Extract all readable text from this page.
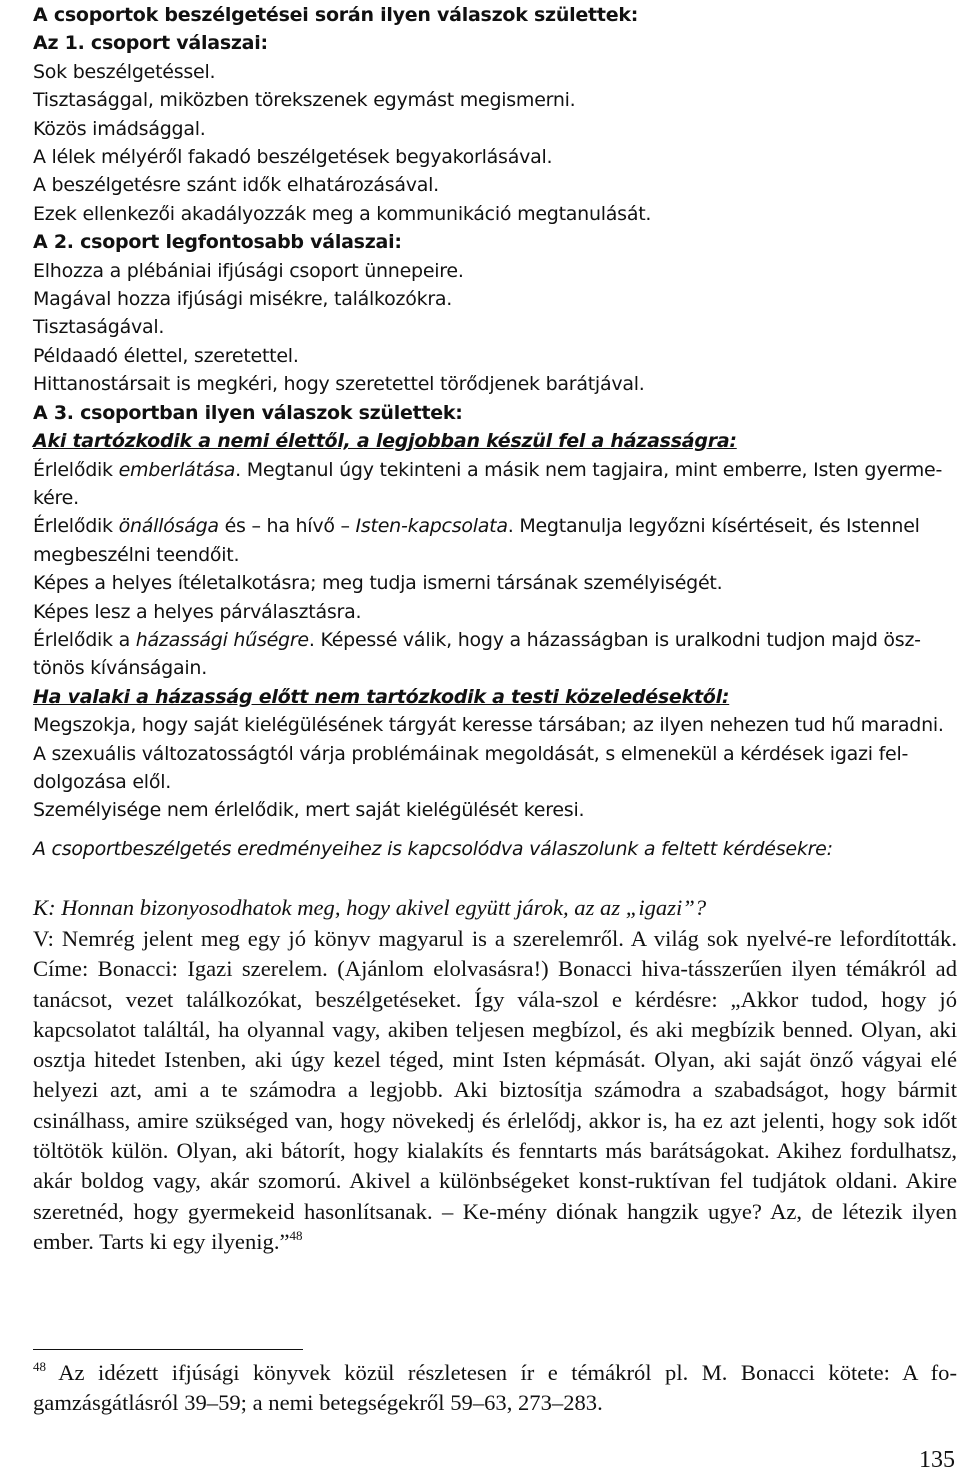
A csoportok beszélgetései során ilyen válaszok születtek:

Az 1. csoport válaszai:

Sok beszélgetéssel.

Tisztasággal, miközben törekszenek egymást megismerni.

Közös imádsággal.

A lélek mélyéről fakadó beszélgetések begyakorlásával.

A beszélgetésre szánt idők elhatározásával.

Ezek ellenkezői akadályozzák meg a kommunikáció megtanulását.

A 2. csoport legfontosabb válaszai:

Elhozza a plébániai ifjúsági csoport ünnepeire.

Magával hozza ifjúsági misékre, találkozókra.

Tisztaságával.

Példaadó élettel, szeretettel.

Hittanostársait is megkéri, hogy szeretettel törődjenek barátjával.

A 3. csoportban ilyen válaszok születtek:

Aki tartózkodik a nemi élettől, a legjobban készül fel a házasságra:

Érlelődik emberlátása. Megtanul úgy tekinteni a másik nem tagjaira, mint emberre, Isten gyerme-
kére.

Érlelődik önállósága és – ha hívő – Isten-kapcsolata. Megtanulja legyőzni kísértéseit, és Istennel
megbeszélni teendőit.

Képes a helyes ítéletalkotásra; meg tudja ismerni társának személyiségét.

Képes lesz a helyes párválasztásra.

Érlelődik a házassági hűségre. Képessé válik, hogy a házasságban is uralkodni tudjon majd ösz-
tönös kívánságain.

Ha valaki a házasság előtt nem tartózkodik a testi közeledésektől:

Megszokja, hogy saját kielégülésének tárgyát keresse társában; az ilyen nehezen tud hű maradni.

A szexuális változatosságtól várja problémáinak megoldását, s elmenekül a kérdések igazi fel-
dolgozása elől.

Személyisége nem érlelődik, mert saját kielégülését keresi.

A csoportbeszélgetés eredményeihez is kapcsolódva válaszolunk a feltett kérdésekre:

K: Honnan bizonyosodhatok meg, hogy akivel együtt járok, az az „igazi”?

V: Nemrég jelent meg egy jó könyv magyarul is a szerelemről. A világ sok nyelvé-re lefordították. Címe: Bonacci: Igazi szerelem. (Ajánlom elolvasásra!) Bonacci hiva-tásszerűen ilyen témákról ad tanácsot, vezet találkozókat, beszélgetéseket. Így vála-szol e kérdésre: „Akkor tudod, hogy jó kapcsolatot találtál, ha olyannal vagy, akiben teljesen megbízol, és aki megbízik benned. Olyan, aki osztja hitedet Istenben, aki úgy kezel téged, mint Isten képmását. Olyan, aki saját önző vágyai elé helyezi azt, ami a te számodra a legjobb. Aki biztosítja számodra a szabadságot, hogy bármit csinálhass, amire szükséged van, hogy növekedj és érlelődj, akkor is, ha ez azt jelenti, hogy sok időt töltötök külön. Olyan, aki bátorít, hogy kialakíts és fenntarts más barátságokat. Akihez fordulhatsz, akár boldog vagy, akár szomorú. Akivel a különbségeket konst-ruktívan fel tudjátok oldani. Akire szeretnéd, hogy gyermekeid hasonlítsanak. – Ke-mény diónak hangzik ugye? Az, de létezik ilyen ember. Tarts ki egy ilyenig.”$^{48}$

$^{48}$ Az idézett ifjúsági könyvek közül részletesen ír e témákról pl. M. Bonacci kötete: A fo-gamzásgátlásról 39–59; a nemi betegségekről 59–63, 273–283.

135
